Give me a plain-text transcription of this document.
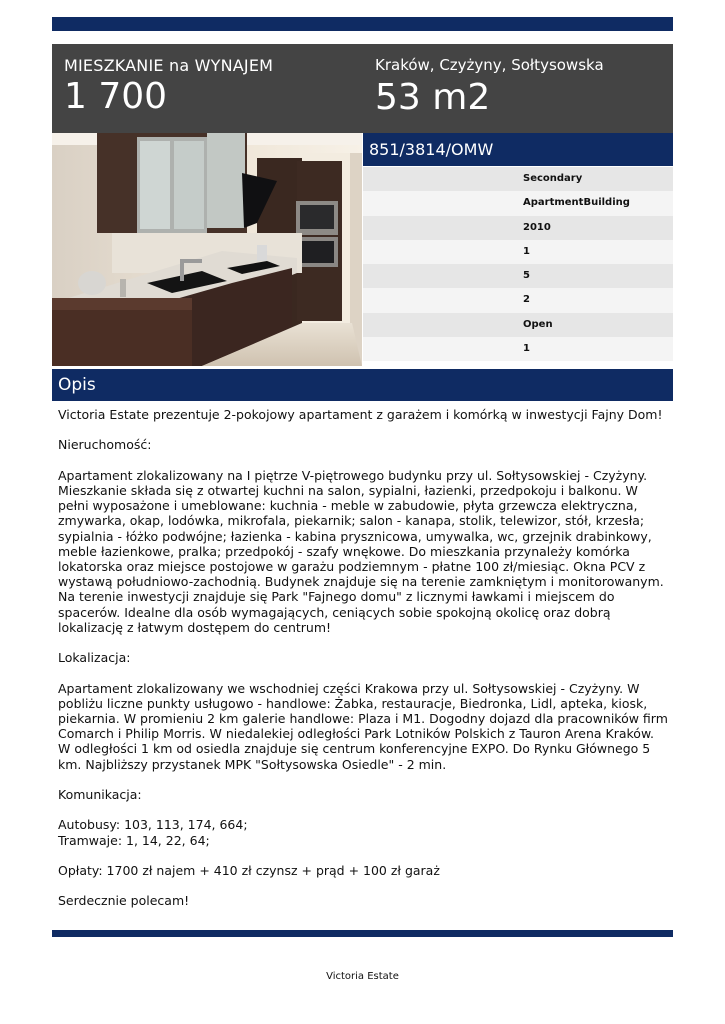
MIESZKANIE na WYNAJEM
1 700
Kraków, Czyżyny, Sołtysowska
53 m2
851/3814/OMW
Secondary
ApartmentBuilding
2010
1
5
2
Open
1
Opis

Victoria Estate prezentuje 2-pokojowy apartament z garażem i komórką w inwestycji Fajny Dom!

Nieruchomość:

Apartament zlokalizowany na I piętrze V-piętrowego budynku przy ul. Sołtysowskiej - Czyżyny. Mieszkanie składa się z otwartej kuchni na salon, sypialni, łazienki, przedpokoju i balkonu. W pełni wyposażone i umeblowane: kuchnia - meble w zabudowie, płyta grzewcza elektryczna, zmywarka, okap, lodówka, mikrofala, piekarnik; salon - kanapa, stolik, telewizor, stół, krzesła; sypialnia - łóżko podwójne; łazienka - kabina prysznicowa, umywalka, wc, grzejnik drabinkowy, meble łazienkowe, pralka; przedpokój - szafy wnękowe. Do mieszkania przynależy komórka lokatorska oraz miejsce postojowe w garażu podziemnym - płatne 100 zł/miesiąc. Okna PCV z wystawą południowo-zachodnią. Budynek znajduje się na terenie zamkniętym i monitorowanym. Na terenie inwestycji znajduje się Park "Fajnego domu" z licznymi ławkami i miejscem do spacerów. Idealne dla osób wymagających, ceniących sobie spokojną okolicę oraz dobrą lokalizację z łatwym dostępem do centrum!

Lokalizacja:

Apartament zlokalizowany we wschodniej części Krakowa przy ul. Sołtysowskiej - Czyżyny. W pobliżu liczne punkty usługowo - handlowe: Żabka, restauracje, Biedronka, Lidl, apteka, kiosk, piekarnia. W promieniu 2 km galerie handlowe: Plaza i M1. Dogodny dojazd dla pracowników firm Comarch i Philip Morris. W niedalekiej odległości Park Lotników Polskich z Tauron Arena Kraków. W odległości 1 km od osiedla znajduje się centrum konferencyjne EXPO. Do Rynku Głównego 5 km. Najbliższy przystanek MPK "Sołtysowska Osiedle" - 2 min.

Komunikacja:

Autobusy: 103, 113, 174, 664;
Tramwaje: 1, 14, 22, 64;

Opłaty: 1700 zł najem + 410 zł czynsz + prąd + 100 zł garaż

Serdecznie polecam!

Victoria Estate
